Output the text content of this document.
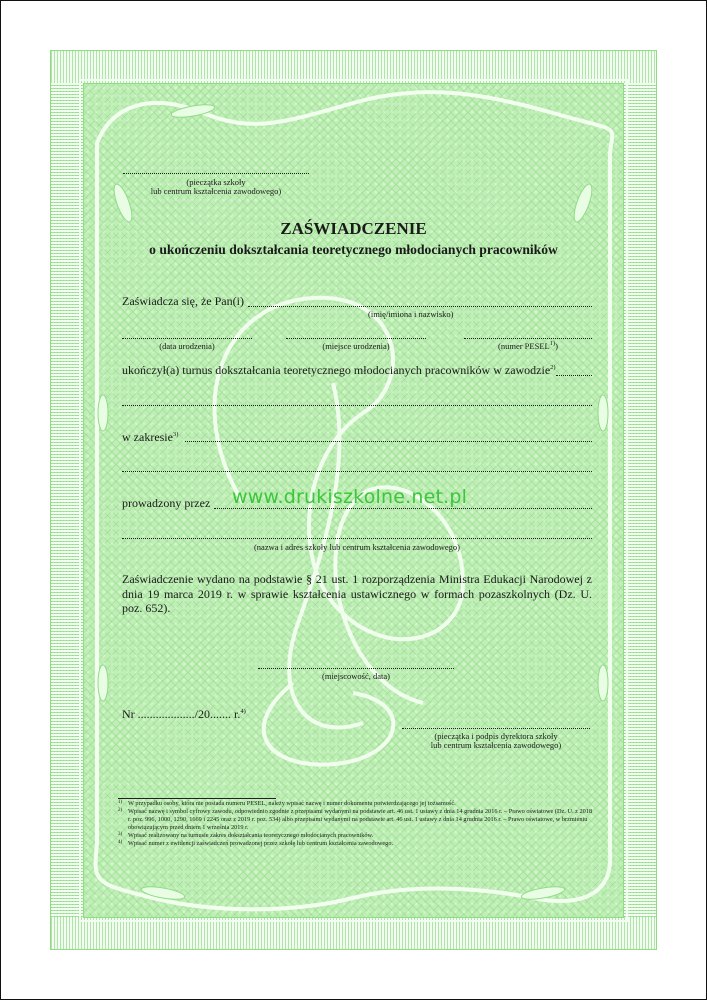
(pieczątka szkoły
lub centrum kształcenia zawodowego)
ZAŚWIADCZENIE
o ukończeniu dokształcania teoretycznego młodocianych pracowników
Zaświadcza się, że Pan(i)
(imię/imiona i nazwisko)
(data urodzenia)	(miejsce urodzenia)	(numer PESEL$^{1)}$)
ukończył(a) turnus dokształcania teoretycznego młodocianych pracowników w zawodzie$^{2)}$
w zakresie$^{3)}$
prowadzony przez
(nazwa i adres szkoły lub centrum kształcenia zawodowego)
www.drukiszkolne.net.pl
Zaświadczenie wydano na podstawie § 21 ust. 1 rozporządzenia Ministra Edukacji Narodowej z dnia 19 marca 2019 r. w sprawie kształcenia ustawicznego w formach pozaszkolnych (Dz. U. poz. 652).
(miejscowość, data)
Nr .................../20....... r.$^{4)}$
(pieczątka i podpis dyrektora szkoły
lub centrum kształcenia zawodowego)
1) W przypadku osoby, która nie posiada numeru PESEL, należy wpisać nazwę i numer dokumentu potwierdzającego jej tożsamość.
2) Wpisać nazwę i symbol cyfrowy zawodu, odpowiednio zgodnie z przepisami wydanymi na podstawie art. 46 ust. 1 ustawy z dnia 14 grudnia 2016 r. – Prawo oświatowe (Dz. U. z 2018 r. poz. 996, 1000, 1290, 1669 i 2245 oraz z 2019 r. poz. 534) albo przepisami wydanymi na podstawie art. 46 ust. 1 ustawy z dnia 14 grudnia 2016 r. – Prawo oświatowe, w brzmieniu obowiązującym przed dniem 1 września 2019 r.
3) Wpisać realizowany na turnusie zakres dokształcania teoretycznego młodocianych pracowników.
4) Wpisać numer z ewidencji zaświadczeń prowadzonej przez szkołę lub centrum kształcenia zawodowego.
